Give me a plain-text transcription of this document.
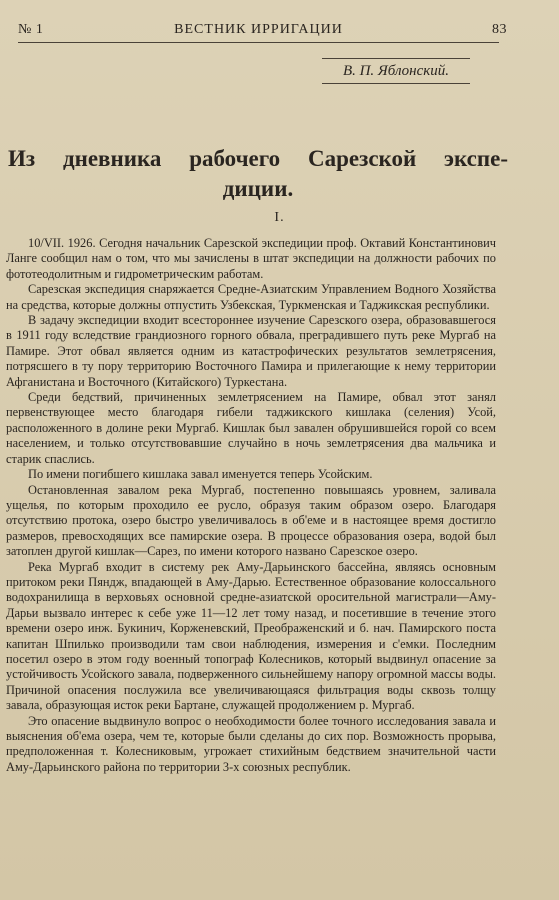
№ 1	ВЕСТНИК ИРРИГАЦИИ	83
В. П. Яблонский.
Из дневника рабочего Сарезской экспе-
диции.
I.

10/VII. 1926. Сегодня начальник Сарезской экспедиции проф. Октавий Константинович Ланге сообщил нам о том, что мы зачислены в штат экспедиции на должности рабочих по фототеодолитным и гидрометрическим работам.

Сарезская экспедиция снаряжается Средне-Азиатским Управлением Водного Хозяйства на средства, которые должны отпустить Узбекская, Туркменская и Таджикская республики.

В задачу экспедиции входит всестороннее изучение Сарезского озера, образовавшегося в 1911 году вследствие грандиозного горного обвала, преградившего путь реке Мургаб на Памире. Этот обвал является одним из катастрофических результатов землетрясения, потрясшего в ту пору территорию Восточного Памира и прилегающие к нему территории Афганистана и Восточного (Китайского) Туркестана.

Среди бедствий, причиненных землетрясением на Памире, обвал этот занял первенствующее место благодаря гибели таджикского кишлака (селения) Усой, расположенного в долине реки Мургаб. Кишлак был завален обрушившейся горой со всем населением, и только отсутствовавшие случайно в ночь землетрясения два мальчика и старик спаслись.

По имени погибшего кишлака завал именуется теперь Усойским.

Остановленная завалом река Мургаб, постепенно повышаясь уровнем, заливала ущелья, по которым проходило ее русло, образуя таким образом озеро. Благодаря отсутствию протока, озеро быстро увеличивалось в об'еме и в настоящее время достигло размеров, превосходящих все памирские озера. В процессе образования озера, водой был затоплен другой кишлак—Сарез, по имени которого названо Сарезское озеро.

Река Мургаб входит в систему рек Аму-Дарьинского бассейна, являясь основным притоком реки Пяндж, впадающей в Аму-Дарью. Естественное образование колоссального водохранилища в верховьях основной средне-азиатской оросительной магистрали—Аму-Дарьи вызвало интерес к себе уже 11—12 лет тому назад, и посетившие в течение этого времени озеро инж. Букинич, Корженевский, Преображенский и б. нач. Памирского поста капитан Шпилько производили там свои наблюдения, измерения и с'емки. Последним посетил озеро в этом году военный топограф Колесников, который выдвинул опасение за устойчивость Усойского завала, подверженного сильнейшему напору огромной массы воды. Причиной опасения послужила все увеличивающаяся фильтрация воды сквозь толщу завала, образующая исток реки Бартане, служащей продолжением р. Мургаб.

Это опасение выдвинуло вопрос о необходимости более точного исследования завала и выяснения об'ема озера, чем те, которые были сделаны до сих пор. Возможность прорыва, предположенная т. Колесниковым, угрожает стихийным бедствием значительной части Аму-Дарьинского района по территории 3-х союзных республик.
